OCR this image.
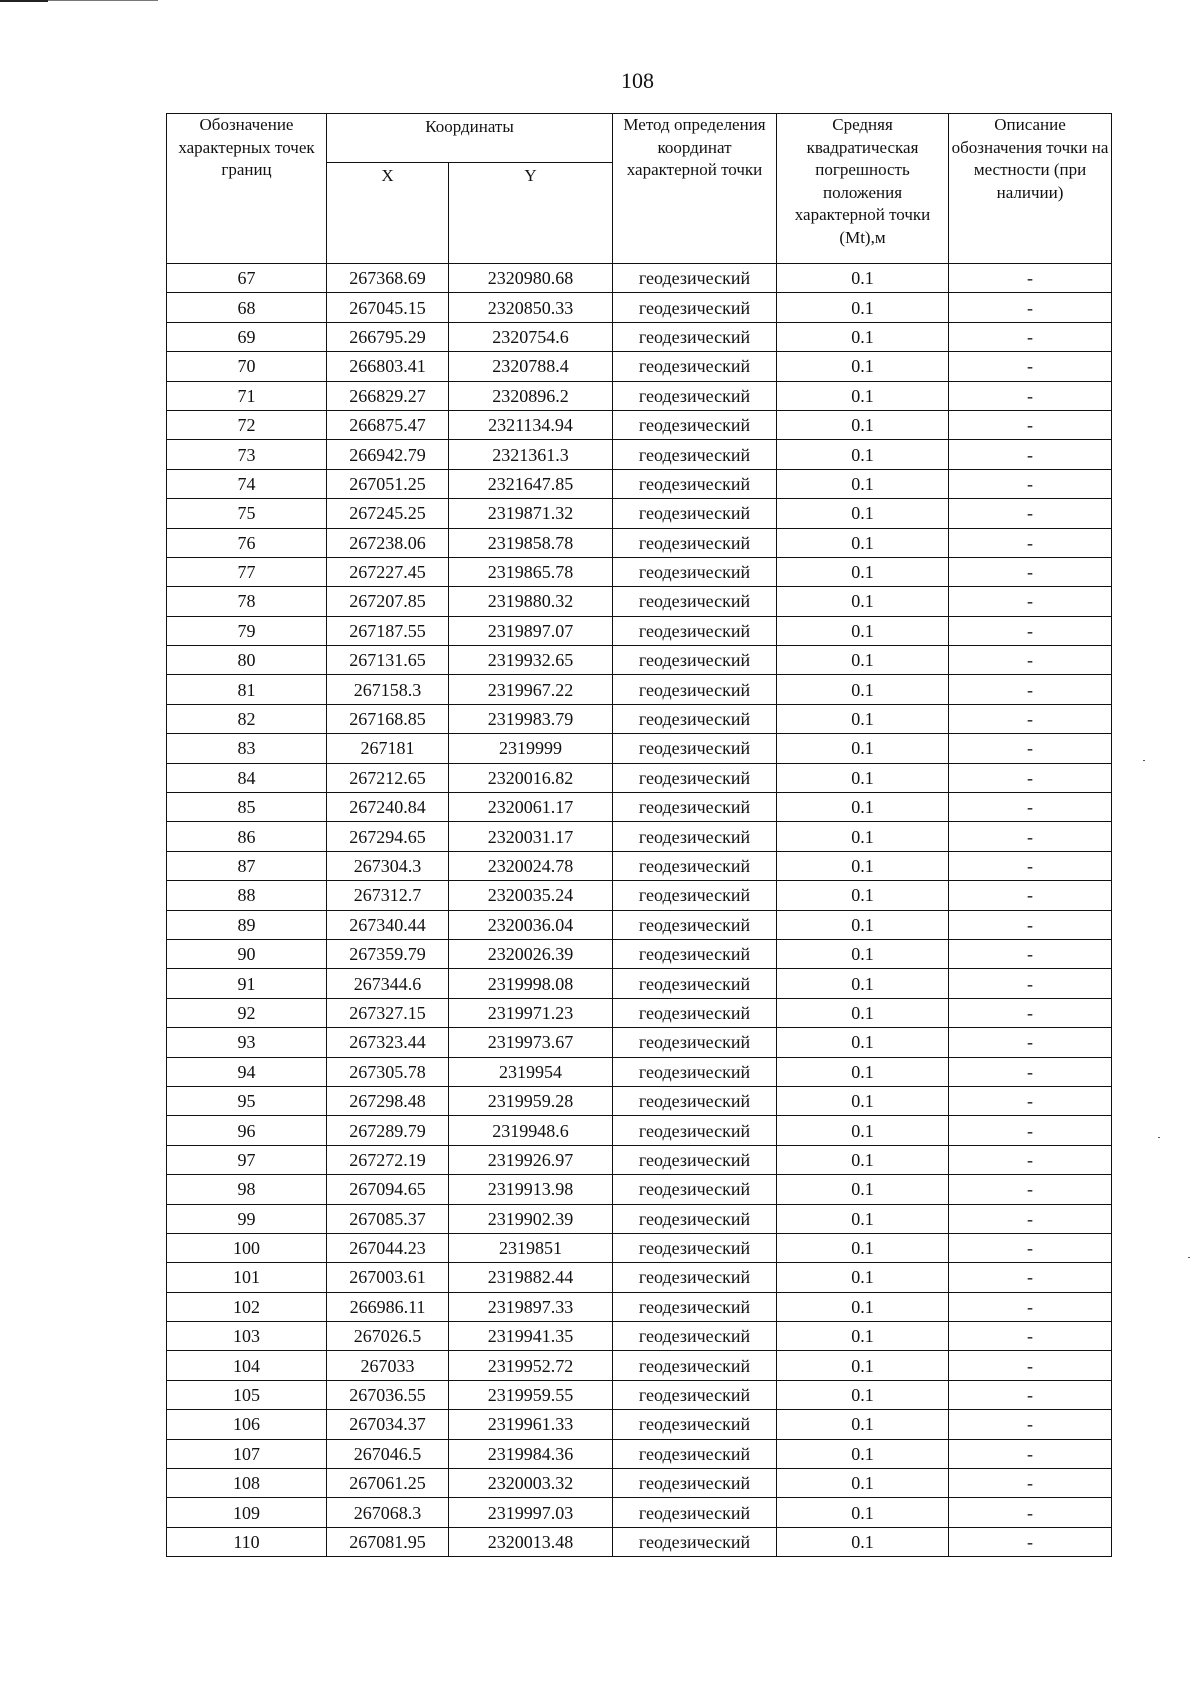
108
Обозначение характерных точек границ	Координаты		Метод определения координат характерной точки	Средняя квадратическая погрешность положения характерной точки (Mt),м	Описание обозначения точки на местности (при наличии)
	X	Y			
67	267368.69	2320980.68	геодезический	0.1	-
68	267045.15	2320850.33	геодезический	0.1	-
69	266795.29	2320754.6	геодезический	0.1	-
70	266803.41	2320788.4	геодезический	0.1	-
71	266829.27	2320896.2	геодезический	0.1	-
72	266875.47	2321134.94	геодезический	0.1	-
73	266942.79	2321361.3	геодезический	0.1	-
74	267051.25	2321647.85	геодезический	0.1	-
75	267245.25	2319871.32	геодезический	0.1	-
76	267238.06	2319858.78	геодезический	0.1	-
77	267227.45	2319865.78	геодезический	0.1	-
78	267207.85	2319880.32	геодезический	0.1	-
79	267187.55	2319897.07	геодезический	0.1	-
80	267131.65	2319932.65	геодезический	0.1	-
81	267158.3	2319967.22	геодезический	0.1	-
82	267168.85	2319983.79	геодезический	0.1	-
83	267181	2319999	геодезический	0.1	-
84	267212.65	2320016.82	геодезический	0.1	-
85	267240.84	2320061.17	геодезический	0.1	-
86	267294.65	2320031.17	геодезический	0.1	-
87	267304.3	2320024.78	геодезический	0.1	-
88	267312.7	2320035.24	геодезический	0.1	-
89	267340.44	2320036.04	геодезический	0.1	-
90	267359.79	2320026.39	геодезический	0.1	-
91	267344.6	2319998.08	геодезический	0.1	-
92	267327.15	2319971.23	геодезический	0.1	-
93	267323.44	2319973.67	геодезический	0.1	-
94	267305.78	2319954	геодезический	0.1	-
95	267298.48	2319959.28	геодезический	0.1	-
96	267289.79	2319948.6	геодезический	0.1	-
97	267272.19	2319926.97	геодезический	0.1	-
98	267094.65	2319913.98	геодезический	0.1	-
99	267085.37	2319902.39	геодезический	0.1	-
100	267044.23	2319851	геодезический	0.1	-
101	267003.61	2319882.44	геодезический	0.1	-
102	266986.11	2319897.33	геодезический	0.1	-
103	267026.5	2319941.35	геодезический	0.1	-
104	267033	2319952.72	геодезический	0.1	-
105	267036.55	2319959.55	геодезический	0.1	-
106	267034.37	2319961.33	геодезический	0.1	-
107	267046.5	2319984.36	геодезический	0.1	-
108	267061.25	2320003.32	геодезический	0.1	-
109	267068.3	2319997.03	геодезический	0.1	-
110	267081.95	2320013.48	геодезический	0.1	-
